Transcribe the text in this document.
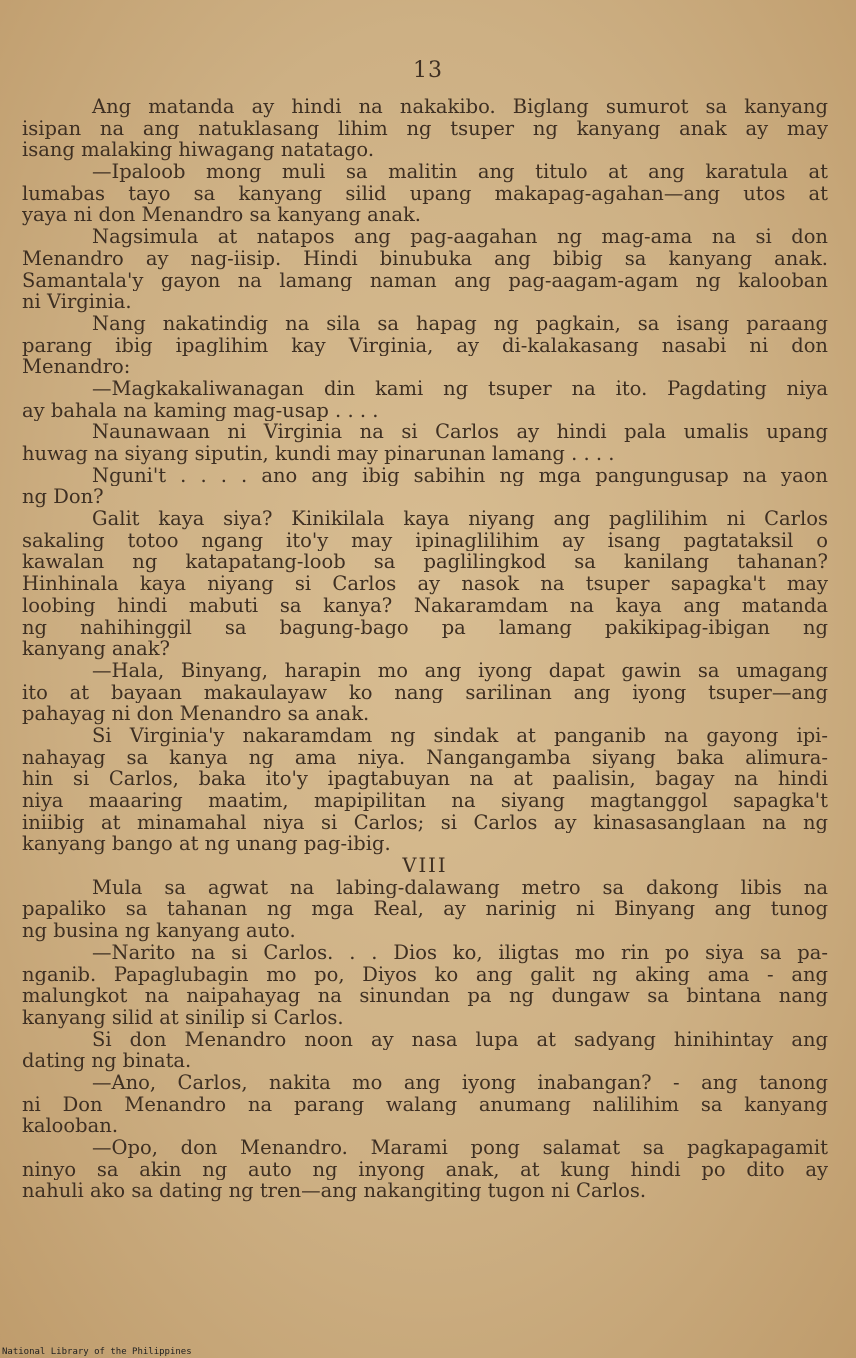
13
Ang matanda ay hindi na nakakibo. Biglang sumurot sa kanyang
isipan na ang natuklasang lihim ng tsuper ng kanyang anak ay may
isang malaking hiwagang natatago.
—Ipaloob mong muli sa malitin ang titulo at ang karatula at
lumabas tayo sa kanyang silid upang makapag-agahan—ang utos at
yaya ni don Menandro sa kanyang anak.
Nagsimula at natapos ang pag-aagahan ng mag-ama na si don
Menandro ay nag-iisip. Hindi binubuka ang bibig sa kanyang anak.
Samantala'y gayon na lamang naman ang pag-aagam-agam ng kalooban
ni Virginia.
Nang nakatindig na sila sa hapag ng pagkain, sa isang paraang
parang ibig ipaglihim kay Virginia, ay di-kalakasang nasabi ni don
Menandro:
—Magkakaliwanagan din kami ng tsuper na ito. Pagdating niya
ay bahala na kaming mag-usap . . . .
Naunawaan ni Virginia na si Carlos ay hindi pala umalis upang
huwag na siyang siputin, kundi may pinarunan lamang . . . .
Nguni't . . . . ano ang ibig sabihin ng mga pangungusap na yaon
ng Don?
Galit kaya siya? Kinikilala kaya niyang ang paglilihim ni Carlos
sakaling totoo ngang ito'y may ipinaglilihim ay isang pagtataksil o
kawalan ng katapatang-loob sa paglilingkod sa kanilang tahanan?
Hinhinala kaya niyang si Carlos ay nasok na tsuper sapagka't may
loobing hindi mabuti sa kanya? Nakaramdam na kaya ang matanda
ng nahihinggil sa bagung-bago pa lamang pakikipag-ibigan ng
kanyang anak?
—Hala, Binyang, harapin mo ang iyong dapat gawin sa umagang
ito at bayaan makaulayaw ko nang sarilinan ang iyong tsuper—ang
pahayag ni don Menandro sa anak.
Si Virginia'y nakaramdam ng sindak at panganib na gayong ipi-
nahayag sa kanya ng ama niya. Nangangamba siyang baka alimura-
hin si Carlos, baka ito'y ipagtabuyan na at paalisin, bagay na hindi
niya maaaring maatim, mapipilitan na siyang magtanggol sapagka't
iniibig at minamahal niya si Carlos; si Carlos ay kinasasanglaan na ng
kanyang bango at ng unang pag-ibig.
VIII
Mula sa agwat na labing-dalawang metro sa dakong libis na
papaliko sa tahanan ng mga Real, ay narinig ni Binyang ang tunog
ng busina ng kanyang auto.
—Narito na si Carlos. . . Dios ko, iligtas mo rin po siya sa pa-
nganib. Papaglubagin mo po, Diyos ko ang galit ng aking ama - ang
malungkot na naipahayag na sinundan pa ng dungaw sa bintana nang
kanyang silid at sinilip si Carlos.
Si don Menandro noon ay nasa lupa at sadyang hinihintay ang
dating ng binata.
—Ano, Carlos, nakita mo ang iyong inabangan? - ang tanong
ni Don Menandro na parang walang anumang nalilihim sa kanyang
kalooban.
—Opo, don Menandro. Marami pong salamat sa pagkapagamit
ninyo sa akin ng auto ng inyong anak, at kung hindi po dito ay
nahuli ako sa dating ng tren—ang nakangiting tugon ni Carlos.
National Library of the Philippines
